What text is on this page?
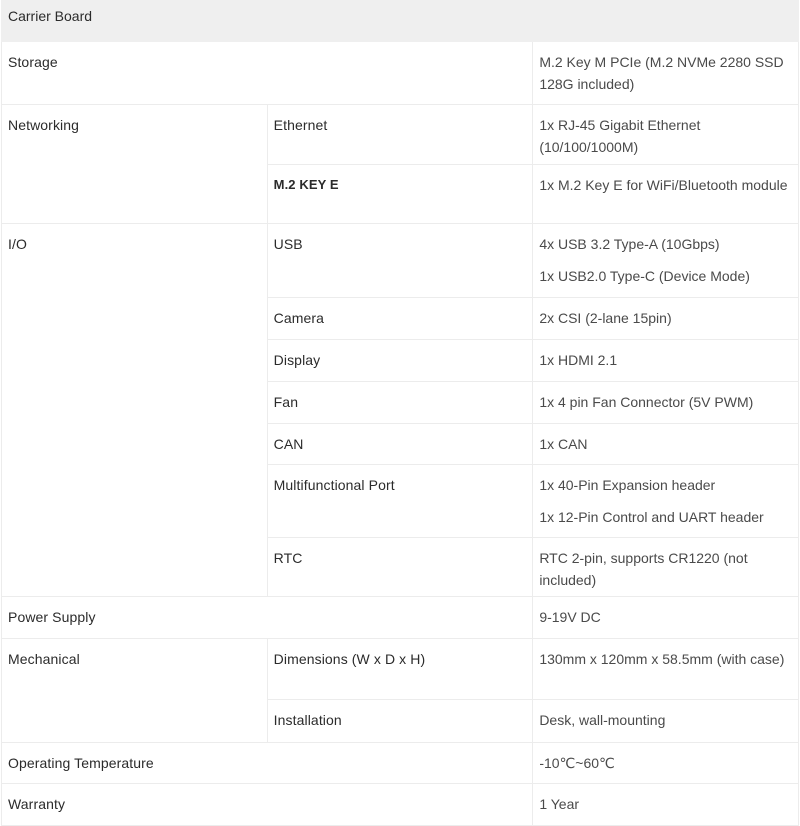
Carrier Board		

Storage		M.2 Key M PCIe (M.2 NVMe 2280 SSD 128G included)

Networking	Ethernet	1x RJ-45 Gigabit Ethernet (10/100/1000M)

	M.2 KEY E	1x M.2 Key E for WiFi/Bluetooth module

I/O	USB	4x USB 3.2 Type-A (10Gbps)
1x USB2.0 Type-C (Device Mode)

	Camera	2x CSI (2-lane 15pin)

	Display	1x HDMI 2.1

	Fan	1x 4 pin Fan Connector (5V PWM)

	CAN	1x CAN

	Multifunctional Port	1x 40-Pin Expansion header
1x 12-Pin Control and UART header

	RTC	RTC 2-pin, supports CR1220 (not included)

Power Supply		9-19V DC

Mechanical	Dimensions (W x D x H)	130mm x 120mm x 58.5mm (with case)

	Installation	Desk, wall-mounting

Operating Temperature		-10℃~60℃

Warranty		1 Year
